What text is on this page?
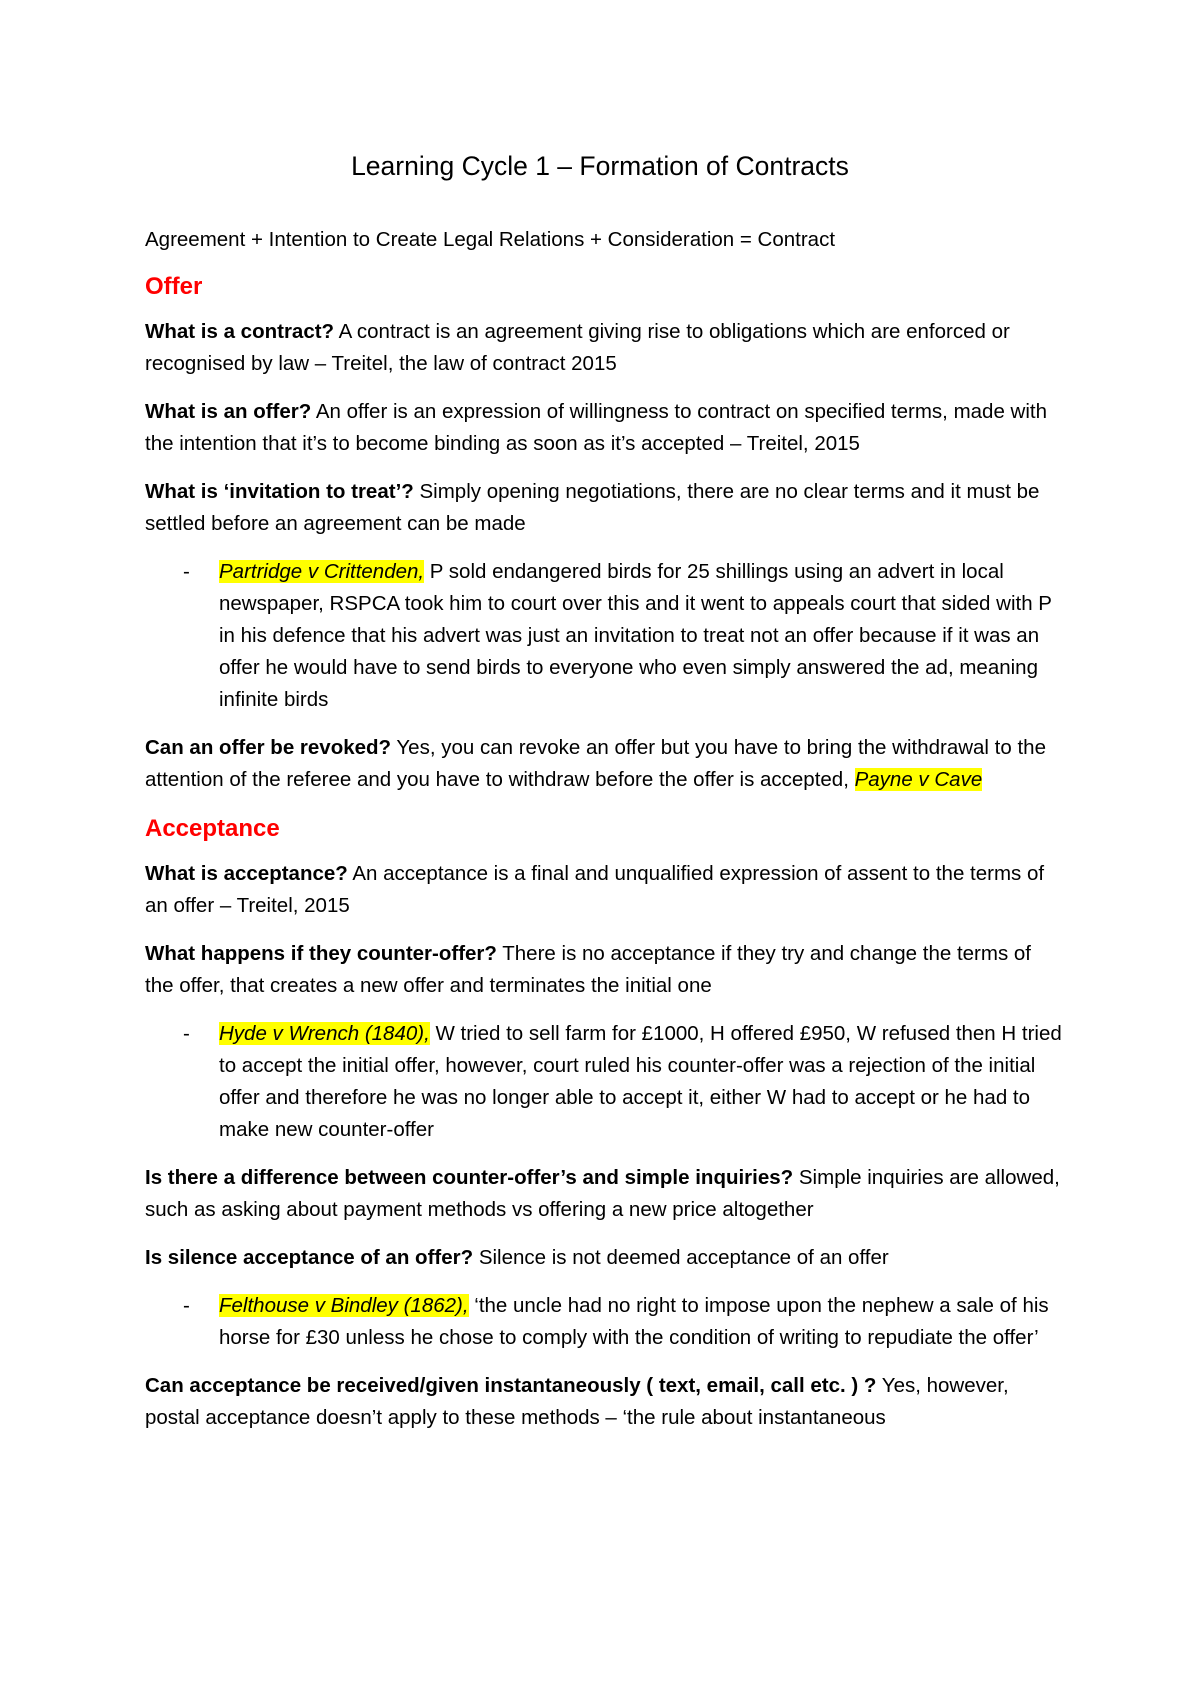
Learning Cycle 1 – Formation of Contracts

Agreement + Intention to Create Legal Relations + Consideration = Contract

Offer

What is a contract? A contract is an agreement giving rise to obligations which are enforced or recognised by law – Treitel, the law of contract 2015

What is an offer? An offer is an expression of willingness to contract on specified terms, made with the intention that it’s to become binding as soon as it’s accepted – Treitel, 2015

What is ‘invitation to treat’? Simply opening negotiations, there are no clear terms and it must be settled before an agreement can be made

- Partridge v Crittenden, P sold endangered birds for 25 shillings using an advert in local newspaper, RSPCA took him to court over this and it went to appeals court that sided with P in his defence that his advert was just an invitation to treat not an offer because if it was an offer he would have to send birds to everyone who even simply answered the ad, meaning infinite birds

Can an offer be revoked? Yes, you can revoke an offer but you have to bring the withdrawal to the attention of the referee and you have to withdraw before the offer is accepted, Payne v Cave

Acceptance

What is acceptance? An acceptance is a final and unqualified expression of assent to the terms of an offer – Treitel, 2015

What happens if they counter-offer? There is no acceptance if they try and change the terms of the offer, that creates a new offer and terminates the initial one

- Hyde v Wrench (1840), W tried to sell farm for £1000, H offered £950, W refused then H tried to accept the initial offer, however, court ruled his counter-offer was a rejection of the initial offer and therefore he was no longer able to accept it, either W had to accept or he had to make new counter-offer

Is there a difference between counter-offer’s and simple inquiries? Simple inquiries are allowed, such as asking about payment methods vs offering a new price altogether

Is silence acceptance of an offer? Silence is not deemed acceptance of an offer

- Felthouse v Bindley (1862), ‘the uncle had no right to impose upon the nephew a sale of his horse for £30 unless he chose to comply with the condition of writing to repudiate the offer’

Can acceptance be received/given instantaneously ( text, email, call etc. ) ? Yes, however, postal acceptance doesn’t apply to these methods – ‘the rule about instantaneous
